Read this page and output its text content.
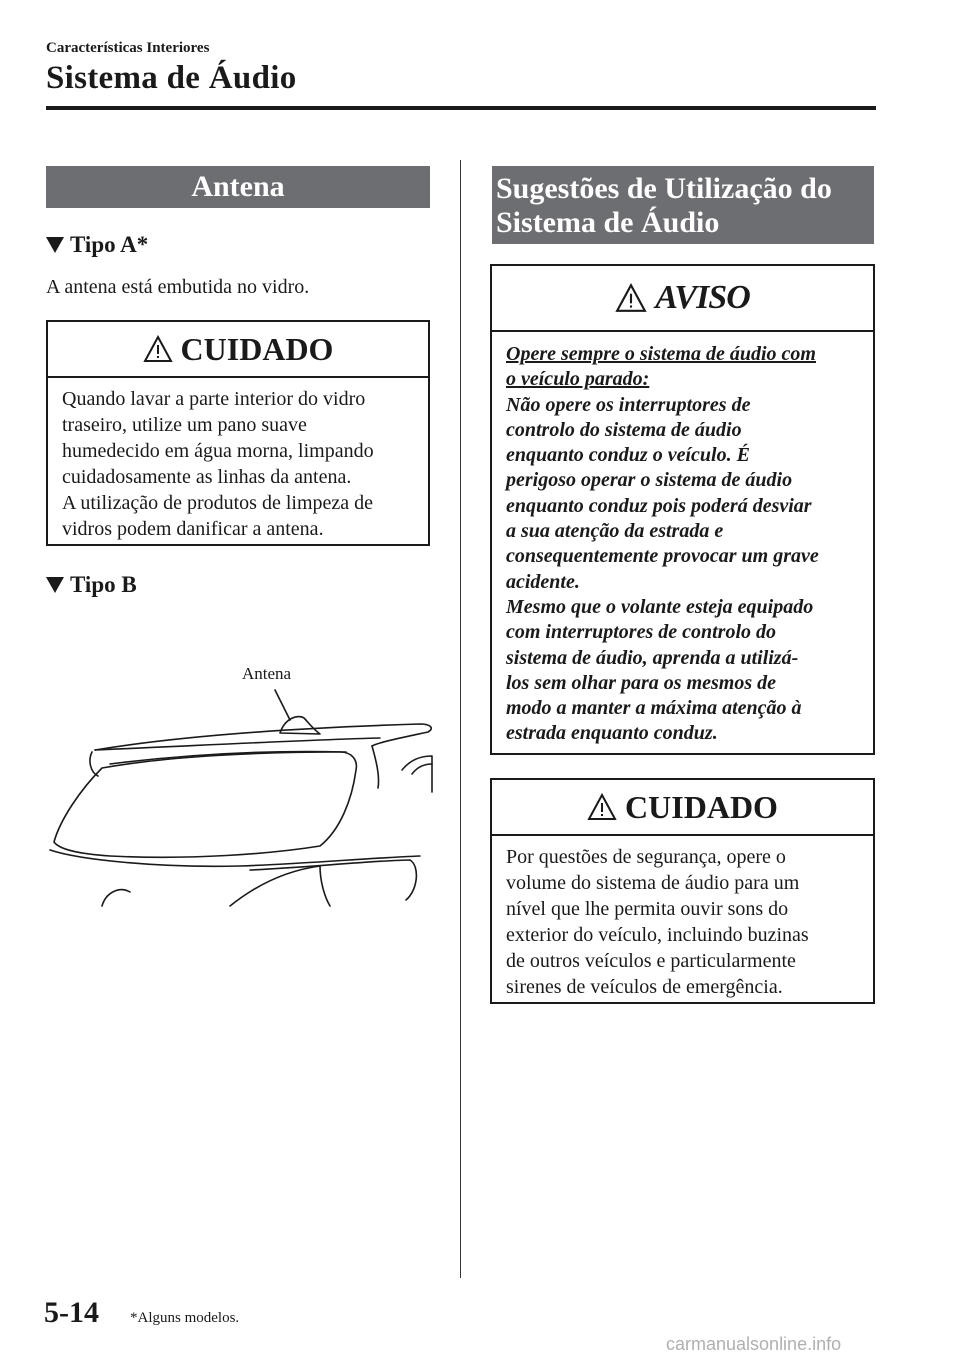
Características Interiores
Sistema de Áudio
Antena
Tipo A*
A antena está embutida no vidro.
CUIDADO

Quando lavar a parte interior do vidro

traseiro, utilize um pano suave

humedecido em água morna, limpando

cuidadosamente as linhas da antena.

A utilização de produtos de limpeza de

vidros podem danificar a antena.

Tipo B
Antena
Sugestões de Utilização do
Sistema de Áudio
AVISO

Opere sempre o sistema de áudio com

o veículo parado:

Não opere os interruptores de

controlo do sistema de áudio

enquanto conduz o veículo. É

perigoso operar o sistema de áudio

enquanto conduz pois poderá desviar

a sua atenção da estrada e

consequentemente provocar um grave

acidente.

Mesmo que o volante esteja equipado

com interruptores de controlo do

sistema de áudio, aprenda a utilizá-

los sem olhar para os mesmos de

modo a manter a máxima atenção à

estrada enquanto conduz.

CUIDADO

Por questões de segurança, opere o

volume do sistema de áudio para um

nível que lhe permita ouvir sons do

exterior do veículo, incluindo buzinas

de outros veículos e particularmente

sirenes de veículos de emergência.

5-14 *Alguns modelos.
carmanualsonline.info
